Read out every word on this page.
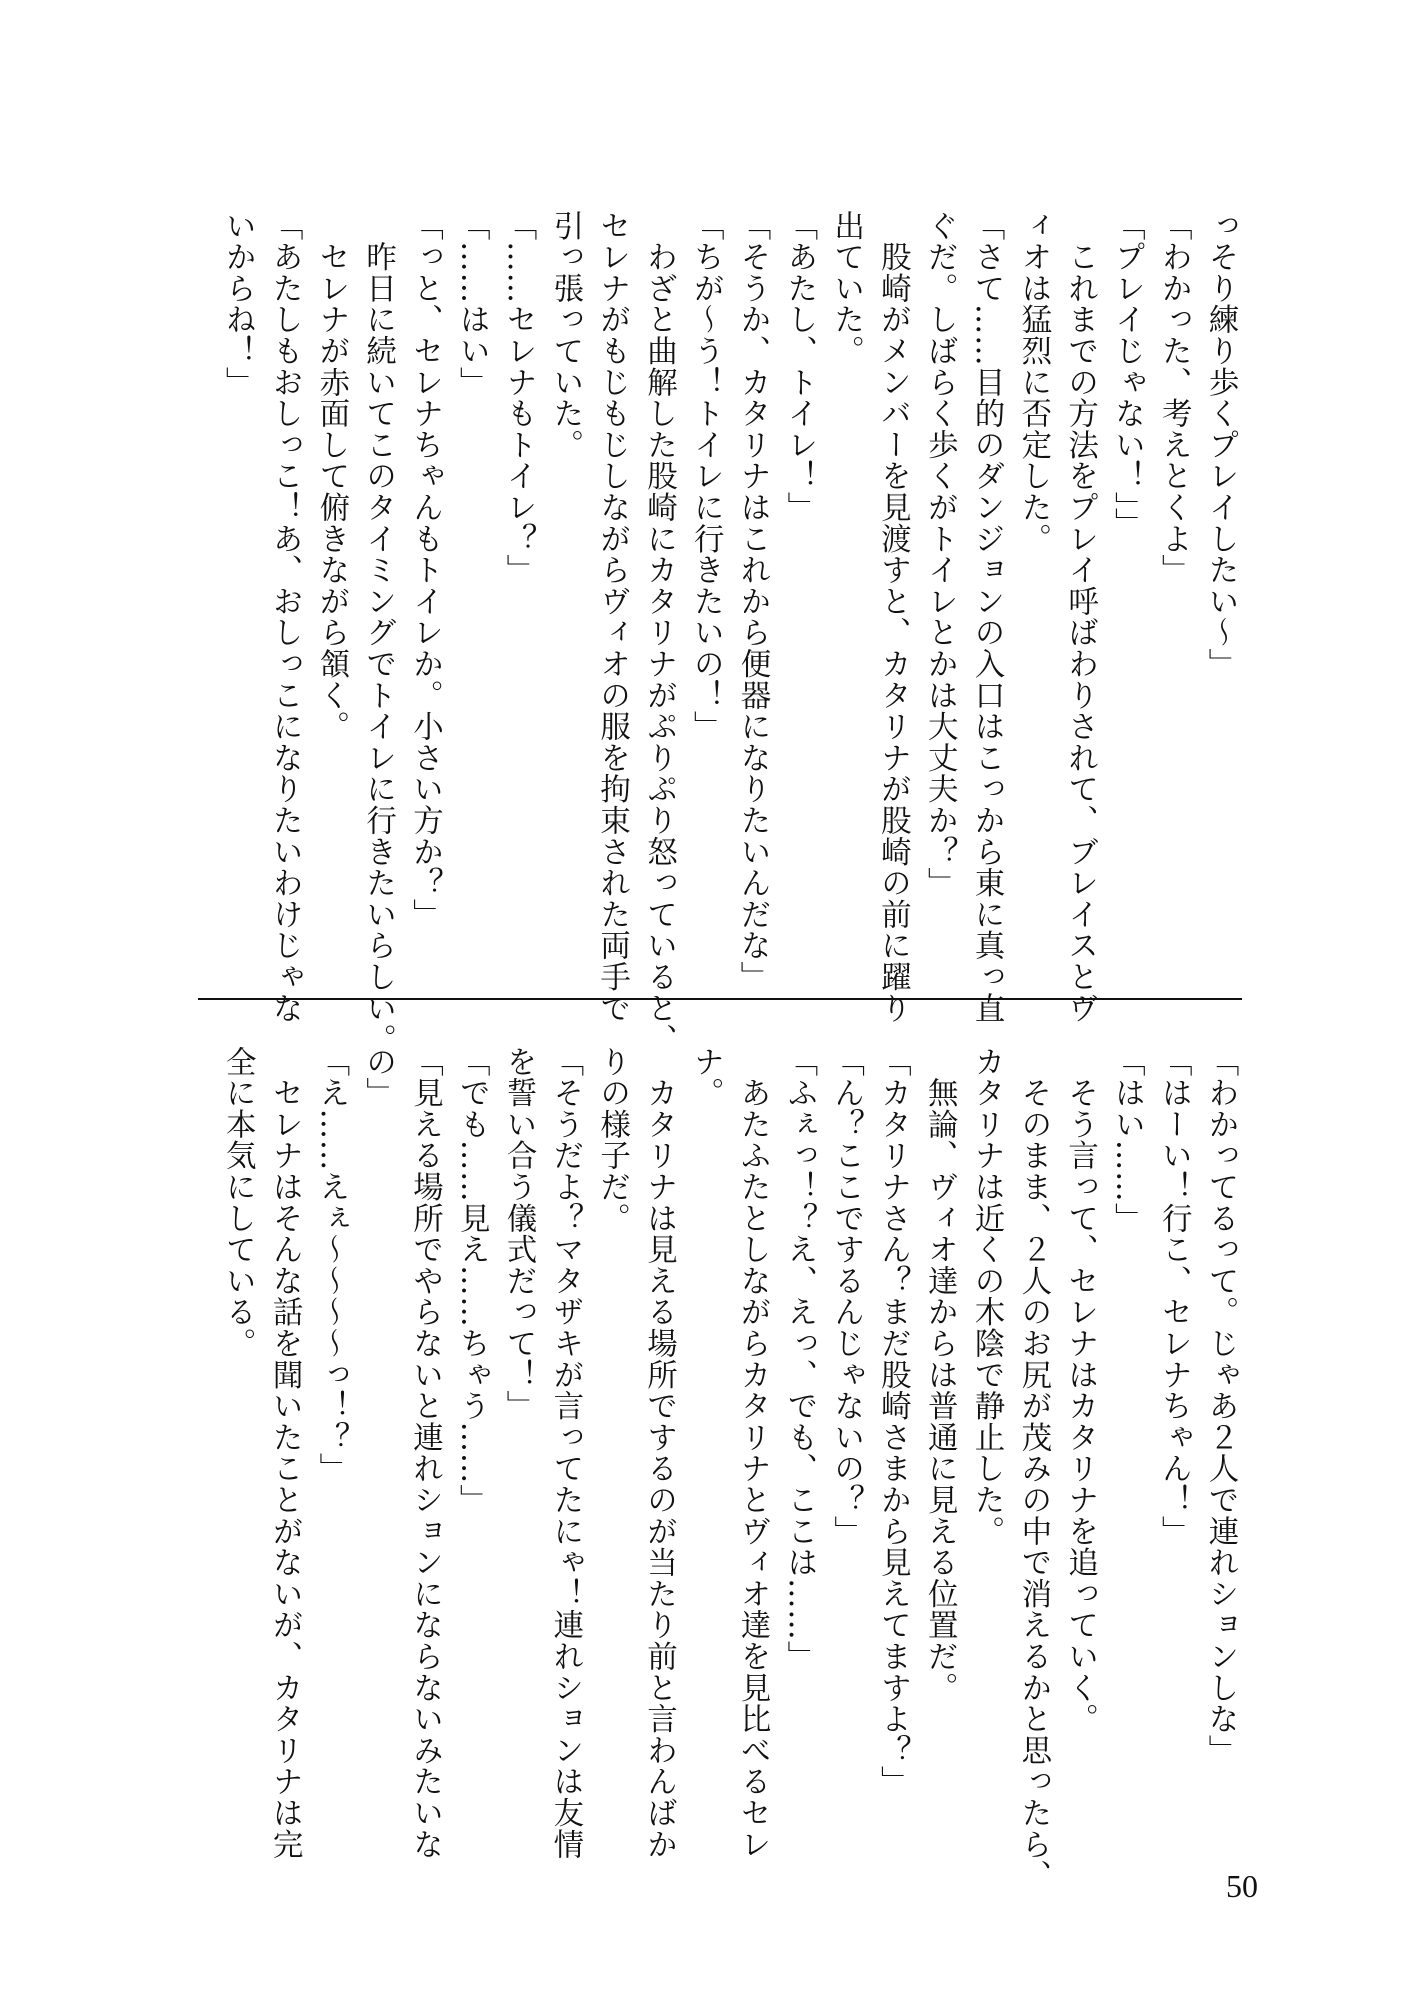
っそり練り歩くプレイしたい〜」

「わかった、考えとくよ」

「プレイじゃない！」」

　これまでの方法をプレイ呼ばわりされて、ブレイスとヴ

ィオは猛烈に否定した。

「さて……目的のダンジョンの入口はこっから東に真っ直

ぐだ。しばらく歩くがトイレとかは大丈夫か？」

　股崎がメンバーを見渡すと、カタリナが股崎の前に躍り

出ていた。

「あたし、トイレ！」

「そうか、カタリナはこれから便器になりたいんだな」

「ちが〜う！トイレに行きたいの！」

　わざと曲解した股崎にカタリナがぷりぷり怒っていると、

セレナがもじもじしながらヴィオの服を拘束された両手で

引っ張っていた。

「……セレナもトイレ？」

「……はい」

「っと、セレナちゃんもトイレか。小さい方か？」

　昨日に続いてこのタイミングでトイレに行きたいらしい。

　セレナが赤面して俯きながら頷く。

「あたしもおしっこ！あ、おしっこになりたいわけじゃな

いからね！」

「わかってるって。じゃあ２人で連れションしな」

「はーい！行こ、セレナちゃん！」

「はい……」

　そう言って、セレナはカタリナを追っていく。

　そのまま、２人のお尻が茂みの中で消えるかと思ったら、

カタリナは近くの木陰で静止した。

　無論、ヴィオ達からは普通に見える位置だ。

「カタリナさん？まだ股崎さまから見えてますよ？」

「ん？ここでするんじゃないの？」

「ふぇっ！？え、えっ、でも、ここは……」

　あたふたとしながらカタリナとヴィオ達を見比べるセレ

ナ。

　カタリナは見える場所でするのが当たり前と言わんばか

りの様子だ。

「そうだよ？マタザキが言ってたにゃ！連れションは友情

を誓い合う儀式だって！」

「でも……見え……ちゃう……」

「見える場所でやらないと連れションにならないみたいな

の」

「え……えぇ〜〜〜〜っ！？」

　セレナはそんな話を聞いたことがないが、カタリナは完

全に本気にしている。

50
